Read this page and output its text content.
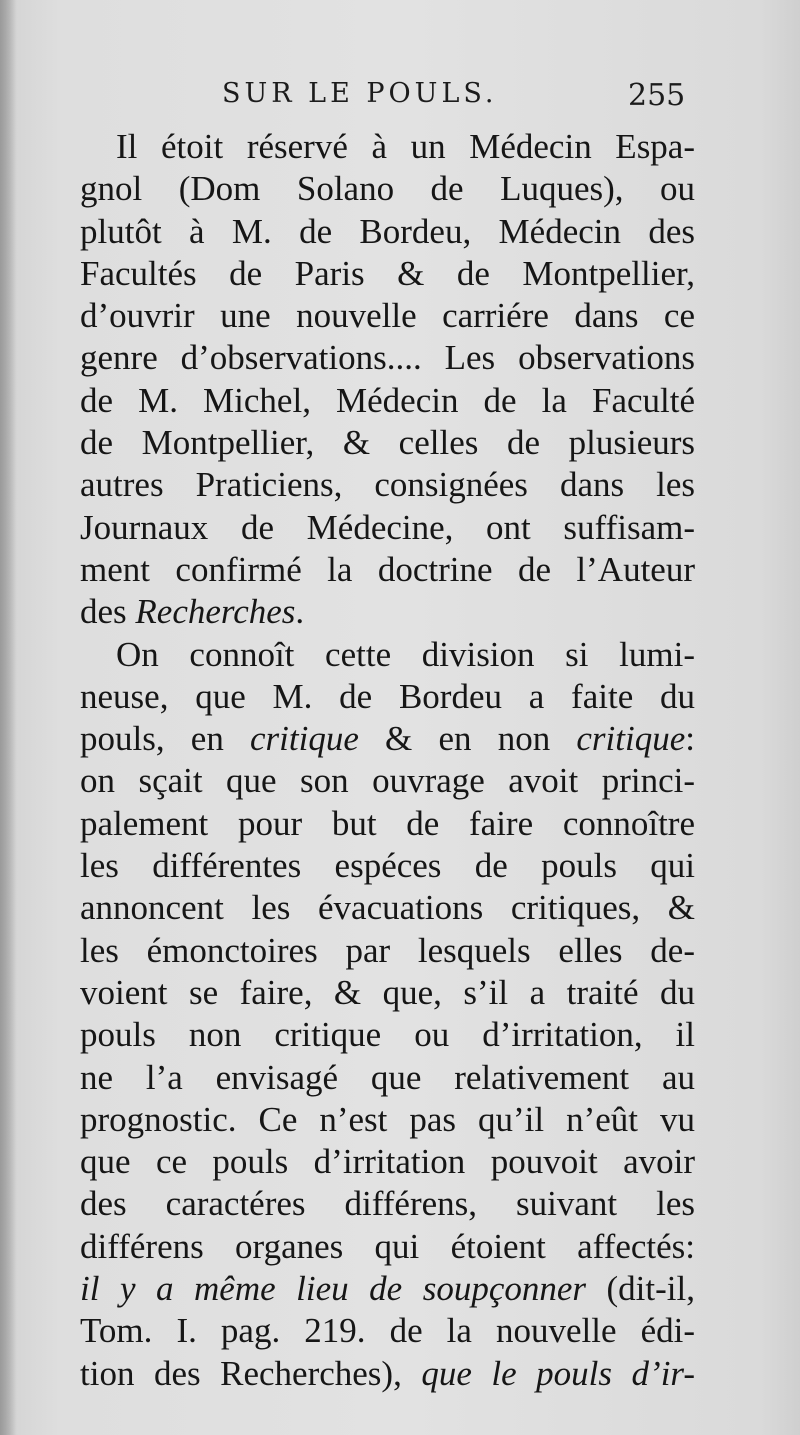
SUR LE POULS.	255
Il étoit réservé à un Médecin Espa-
gnol (Dom Solano de Luques), ou
plutôt à M. de Bordeu, Médecin des
Facultés de Paris & de Montpellier,
d’ouvrir une nouvelle carriére dans ce
genre d’observations.... Les observations
de M. Michel, Médecin de la Faculté
de Montpellier, & celles de plusieurs
autres Praticiens, consignées dans les
Journaux de Médecine, ont suffisam-
ment confirmé la doctrine de l’Auteur
des Recherches.
On connoît cette division si lumi-
neuse, que M. de Bordeu a faite du
pouls, en critique & en non critique:
on sçait que son ouvrage avoit princi-
palement pour but de faire connoître
les différentes espéces de pouls qui
annoncent les évacuations critiques, &
les émonctoires par lesquels elles de-
voient se faire, & que, s’il a traité du
pouls non critique ou d’irritation, il
ne l’a envisagé que relativement au
prognostic. Ce n’est pas qu’il n’eût vu
que ce pouls d’irritation pouvoit avoir
des caractéres différens, suivant les
différens organes qui étoient affectés:
il y a même lieu de soupçonner (dit-il,
Tom. I. pag. 219. de la nouvelle édi-
tion des Recherches), que le pouls d’ir-
